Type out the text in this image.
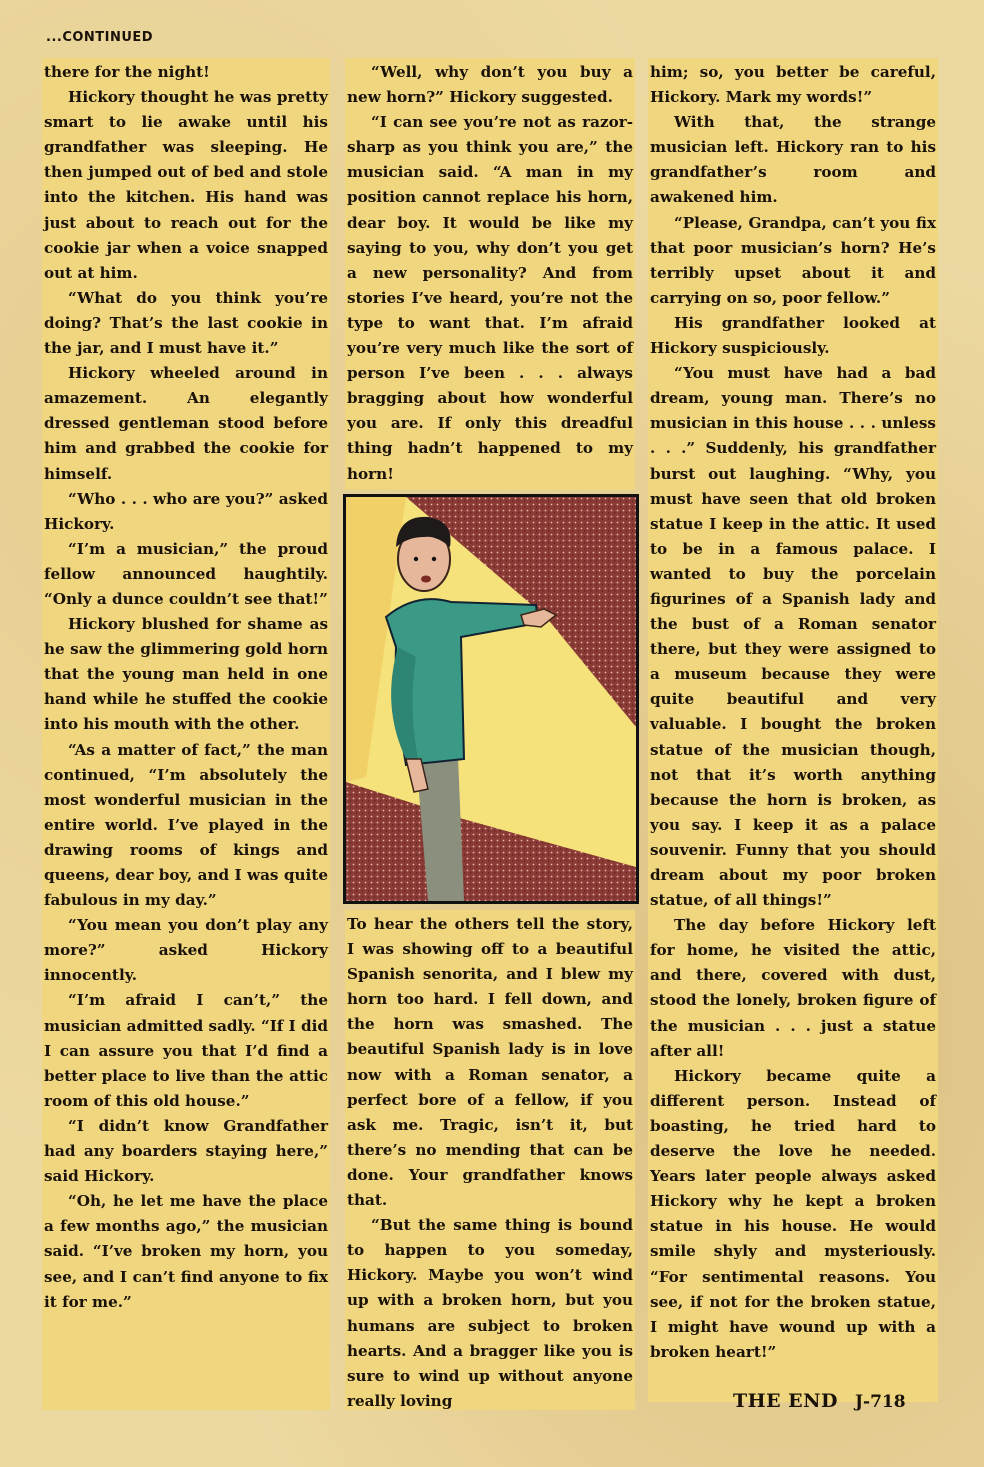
...CONTINUED

there for the night!

Hickory thought he was pretty smart to lie awake until his grandfather was sleeping. He then jumped out of bed and stole into the kitchen. His hand was just about to reach out for the cookie jar when a voice snapped out at him.

“What do you think you’re doing? That’s the last cookie in the jar, and I must have it.”

Hickory wheeled around in amazement. An elegantly dressed gentleman stood before him and grabbed the cookie for himself.

“Who . . . who are you?” asked Hickory.

“I’m a musician,” the proud fellow announced haughtily. “Only a dunce couldn’t see that!”

Hickory blushed for shame as he saw the glimmering gold horn that the young man held in one hand while he stuffed the cookie into his mouth with the other.

“As a matter of fact,” the man continued, “I’m absolutely the most wonderful musician in the entire world. I’ve played in the drawing rooms of kings and queens, dear boy, and I was quite fabulous in my day.”

“You mean you don’t play any more?” asked Hickory innocently.

“I’m afraid I can’t,” the musician admitted sadly. “If I did I can assure you that I’d find a better place to live than the attic room of this old house.”

“I didn’t know Grandfather had any boarders staying here,” said Hickory.

“Oh, he let me have the place a few months ago,” the musician said. “I’ve broken my horn, you see, and I can’t find anyone to fix it for me.”

“Well, why don’t you buy a new horn?” Hickory suggested.

“I can see you’re not as razor-sharp as you think you are,” the musician said. “A man in my position cannot replace his horn, dear boy. It would be like my saying to you, why don’t you get a new personality? And from stories I’ve heard, you’re not the type to want that. I’m afraid you’re very much like the sort of person I’ve been . . . always bragging about how wonderful you are. If only this dreadful thing hadn’t happened to my horn!

To hear the others tell the story, I was showing off to a beautiful Spanish senorita, and I blew my horn too hard. I fell down, and the horn was smashed. The beautiful Spanish lady is in love now with a Roman senator, a perfect bore of a fellow, if you ask me. Tragic, isn’t it, but there’s no mending that can be done. Your grandfather knows that.

“But the same thing is bound to happen to you someday, Hickory. Maybe you won’t wind up with a broken horn, but you humans are subject to broken hearts. And a bragger like you is sure to wind up without anyone really loving

him; so, you better be careful, Hickory. Mark my words!”

With that, the strange musician left. Hickory ran to his grandfather’s room and awakened him.

“Please, Grandpa, can’t you fix that poor musician’s horn? He’s terribly upset about it and carrying on so, poor fellow.”

His grandfather looked at Hickory suspiciously.

“You must have had a bad dream, young man. There’s no musician in this house . . . unless . . .” Suddenly, his grandfather burst out laughing. “Why, you must have seen that old broken statue I keep in the attic. It used to be in a famous palace. I wanted to buy the porcelain figurines of a Spanish lady and the bust of a Roman senator there, but they were assigned to a museum because they were quite beautiful and very valuable. I bought the broken statue of the musician though, not that it’s worth anything because the horn is broken, as you say. I keep it as a palace souvenir. Funny that you should dream about my poor broken statue, of all things!”

The day before Hickory left for home, he visited the attic, and there, covered with dust, stood the lonely, broken figure of the musician . . . just a statue after all!

Hickory became quite a different person. Instead of boasting, he tried hard to deserve the love he needed. Years later people always asked Hickory why he kept a broken statue in his house. He would smile shyly and mysteriously. “For sentimental reasons. You see, if not for the broken statue, I might have wound up with a broken heart!”

THE END J-718
